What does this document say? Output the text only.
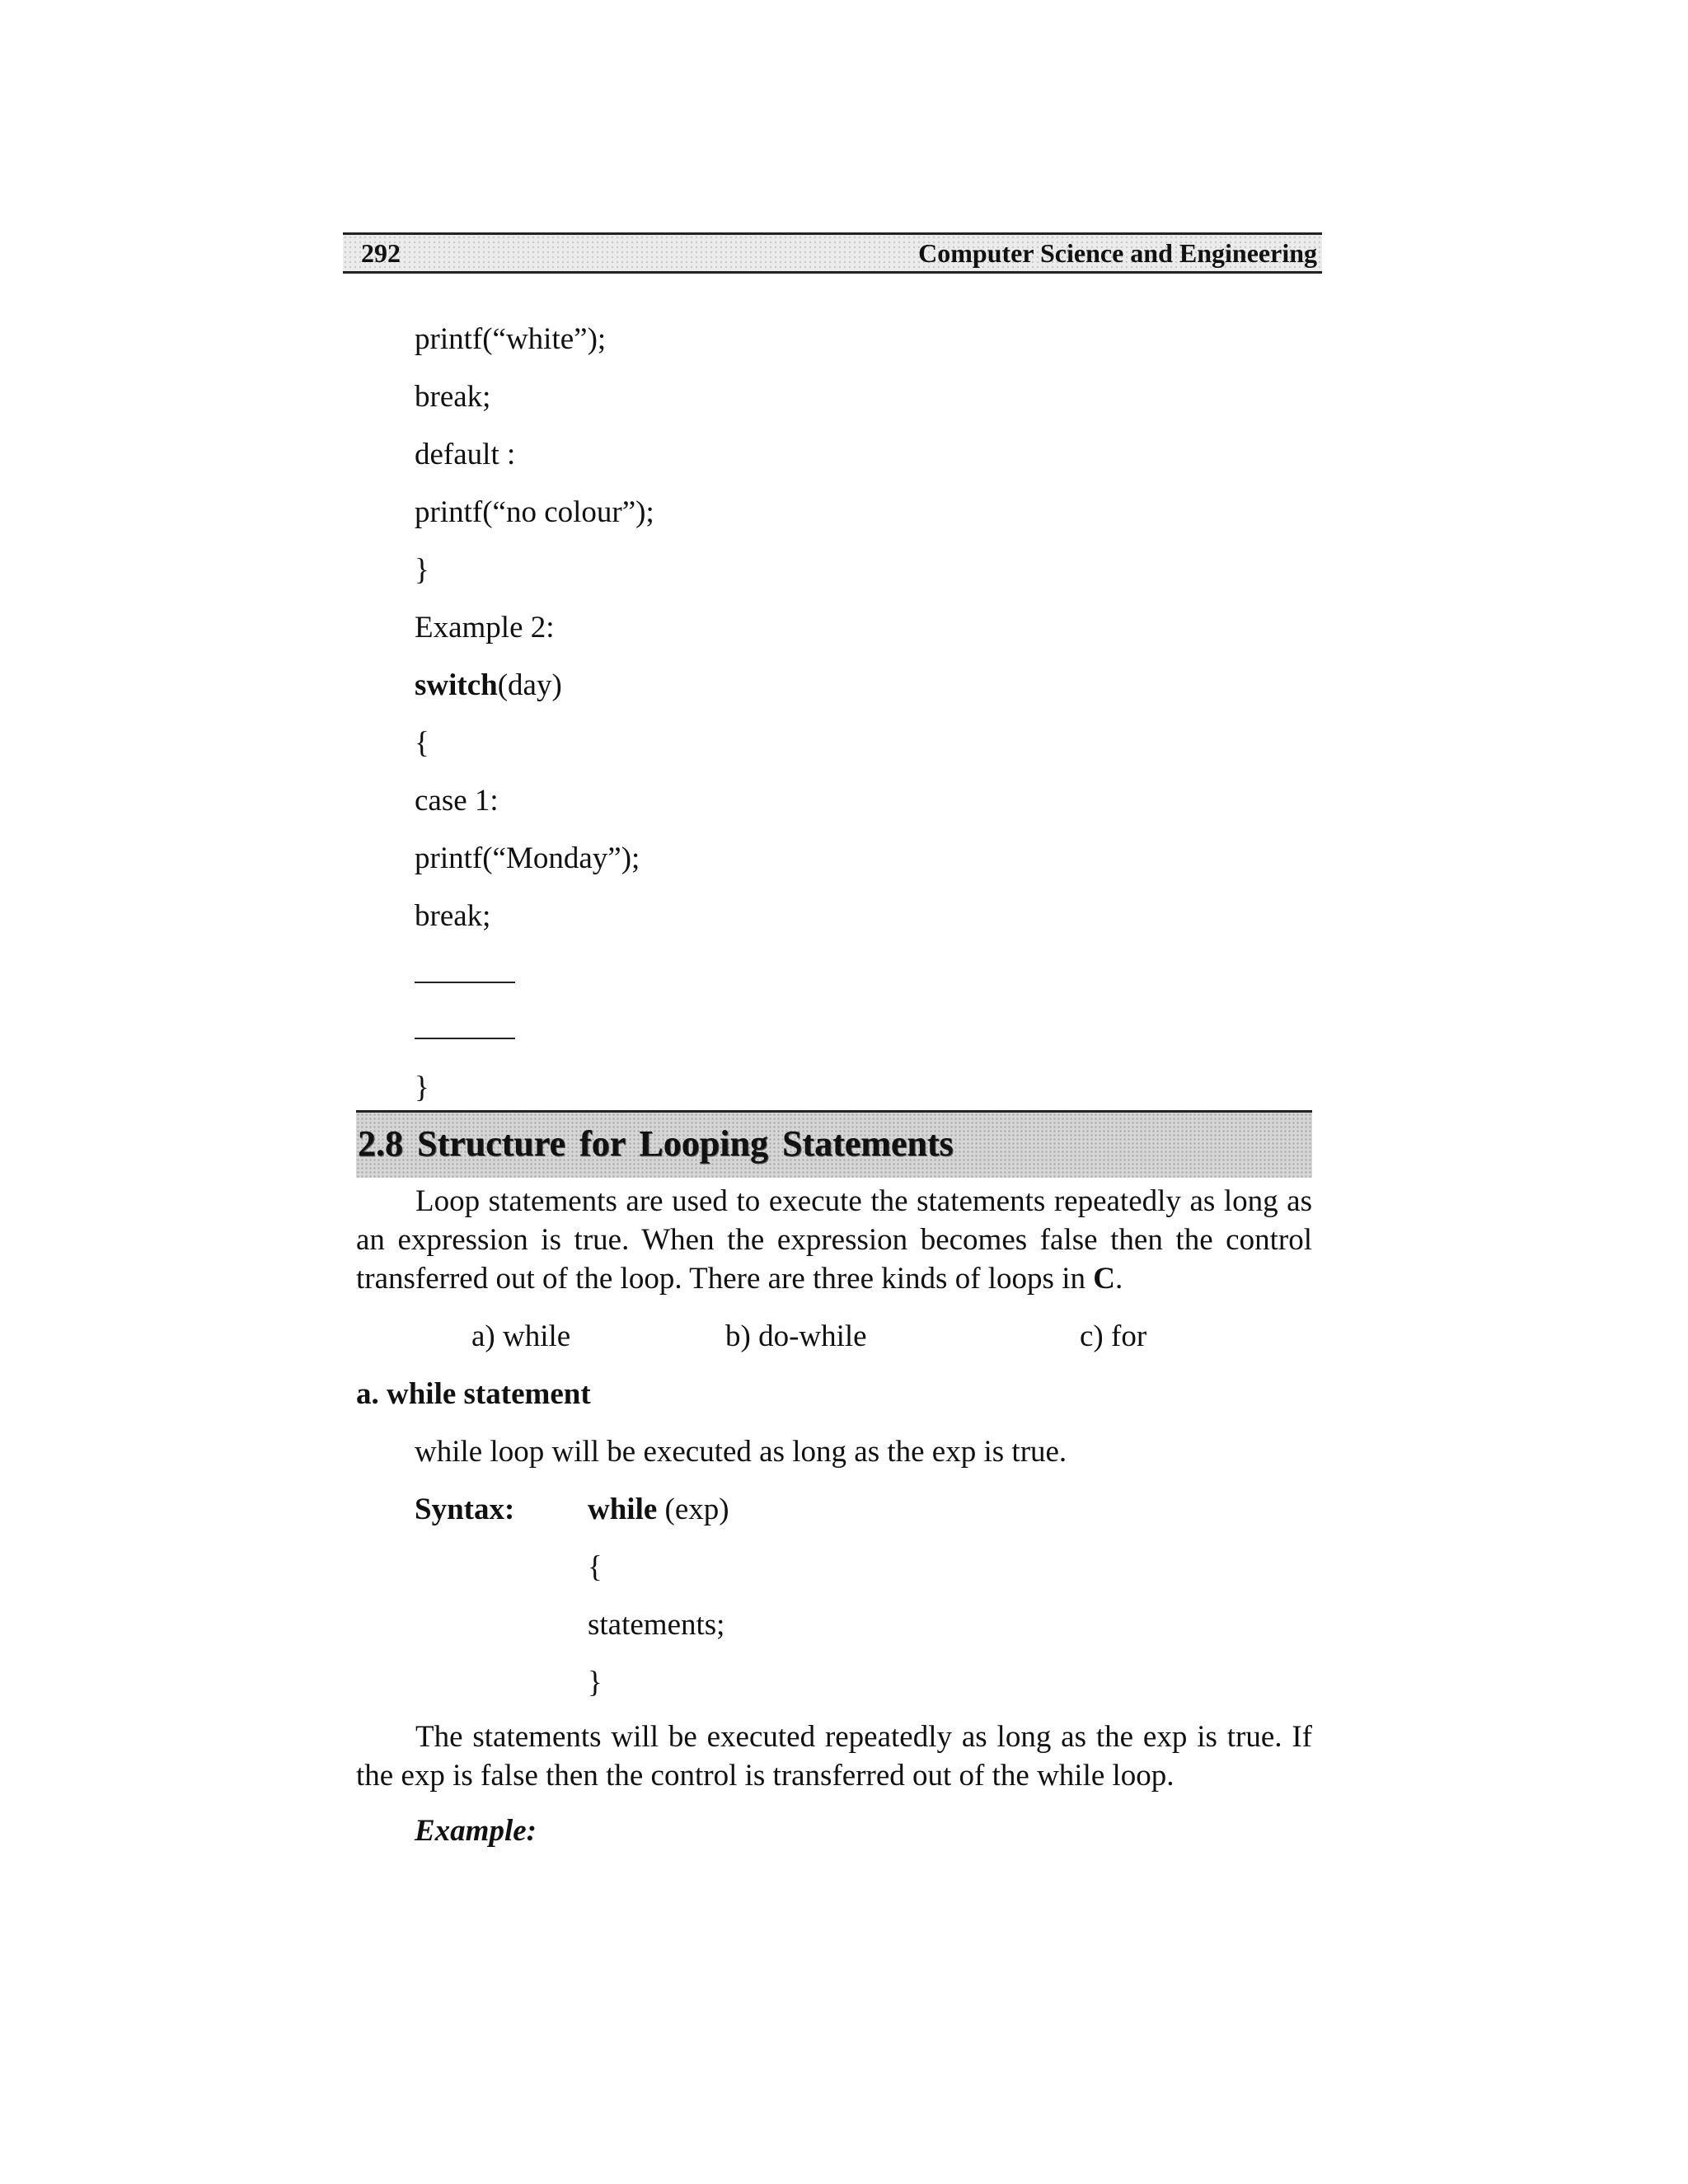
292	Computer Science and Engineering
printf(“white”);
break;
default :
printf(“no colour”);
}
Example 2:
switch(day)
{
case 1:
printf(“Monday”);
break;
}
2.8 Structure for Looping Statements
Loop statements are used to execute the statements repeatedly as long as an expression is true. When the expression becomes false then the control transferred out of the loop. There are three kinds of loops in C.
a) while	b) do-while	c) for
a. while statement
while loop will be executed as long as the exp is true.
Syntax: while (exp)
{
statements;
}
The statements will be executed repeatedly as long as the exp is true. If the exp is false then the control is transferred out of the while loop.
Example:
